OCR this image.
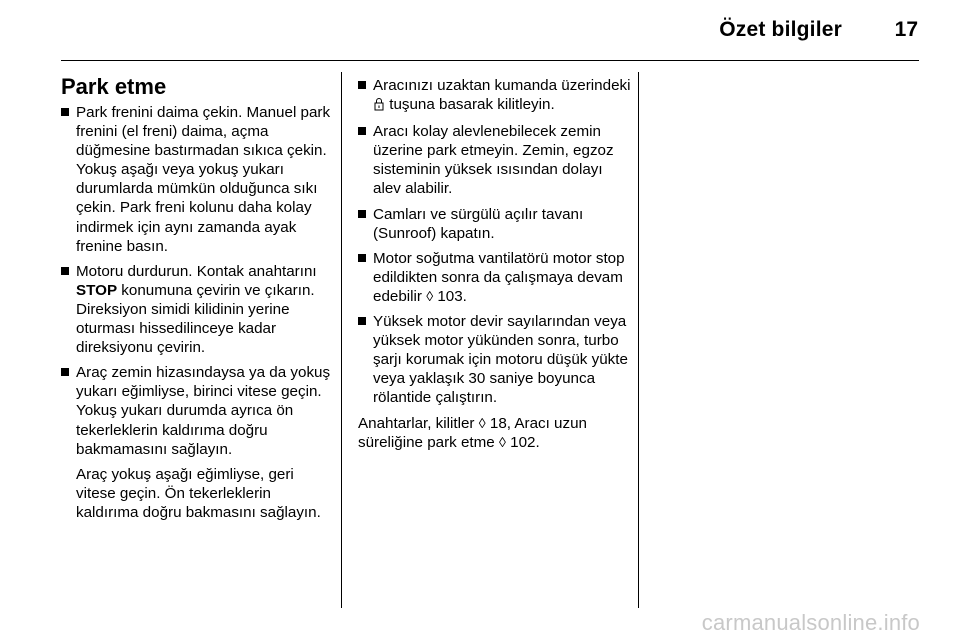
Özet bilgiler	17
Park etme
Park frenini daima çekin. Manuel park frenini (el freni) daima, açma düğmesine bastırmadan sıkıca çekin. Yokuş aşağı veya yokuş yukarı durumlarda mümkün olduğunca sıkı çekin. Park freni kolunu daha kolay indirmek için aynı zamanda ayak frenine basın.
Motoru durdurun. Kontak anahtarını STOP konumuna çevirin ve çıkarın. Direksiyon simidi kilidinin yerine oturması hissedilinceye kadar direksiyonu çevirin.
Araç zemin hizasındaysa ya da yokuş yukarı eğimliyse, birinci vitese geçin. Yokuş yukarı durumda ayrıca ön tekerleklerin kaldırıma doğru bakmamasını sağlayın.
Araç yokuş aşağı eğimliyse, geri vitese geçin. Ön tekerleklerin kaldırıma doğru bakmasını sağlayın.
Aracınızı uzaktan kumanda üzerindeki  tuşuna basarak kilitleyin.
Aracı kolay alevlenebilecek zemin üzerine park etmeyin. Zemin, egzoz sisteminin yüksek ısısından dolayı alev alabilir.
Camları ve sürgülü açılır tavanı (Sunroof) kapatın.
Motor soğutma vantilatörü motor stop edildikten sonra da çalışmaya devam edebilir ◊ 103.
Yüksek motor devir sayılarından veya yüksek motor yükünden sonra, turbo şarjı korumak için motoru düşük yükte veya yaklaşık 30 saniye boyunca rölantide çalıştırın.
Anahtarlar, kilitler ◊ 18, Aracı uzun süreliğine park etme ◊ 102.
carmanualsonline.info
